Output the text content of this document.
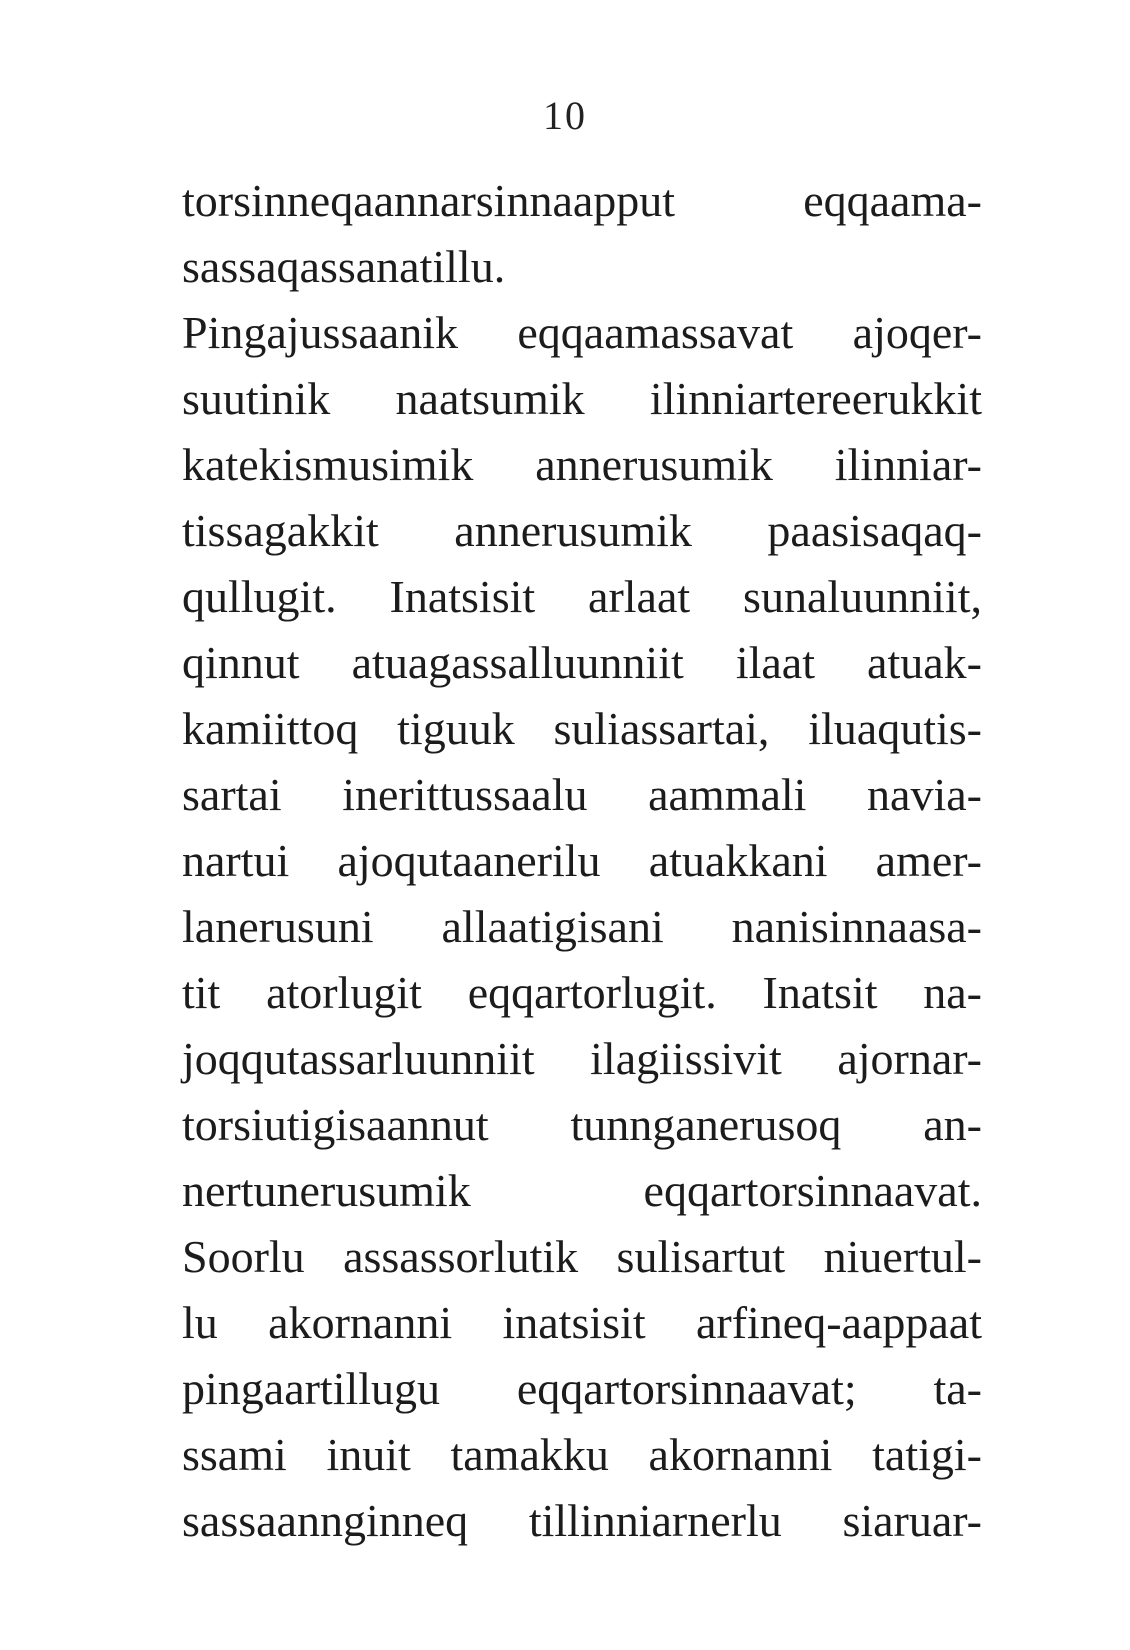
10
torsinneqaannarsinnaapput eqqaama-
sassaqassanatillu.
Pingajussaanik eqqaamassavat ajoqer-
suutinik naatsumik ilinniartereerukkit
katekismusimik annerusumik ilinniar-
tissagakkit annerusumik paasisaqaq-
qullugit. Inatsisit arlaat sunaluunniit,
qinnut atuagassalluunniit ilaat atuak-
kamiittoq tiguuk suliassartai, iluaqutis-
sartai inerittussaalu aammali navia-
nartui ajoqutaanerilu atuakkani amer-
lanerusuni allaatigisani nanisinnaasa-
tit atorlugit eqqartorlugit. Inatsit na-
joqqutassarluunniit ilagiissivit ajornar-
torsiutigisaannut tunnganerusoq an-
nertunerusumik eqqartorsinnaavat.
Soorlu assassorlutik sulisartut niuertul-
lu akornanni inatsisit arfineq-aappaat
pingaartillugu eqqartorsinnaavat; ta-
ssami inuit tamakku akornanni tatigi-
sassaannginneq tillinniarnerlu siaruar-
